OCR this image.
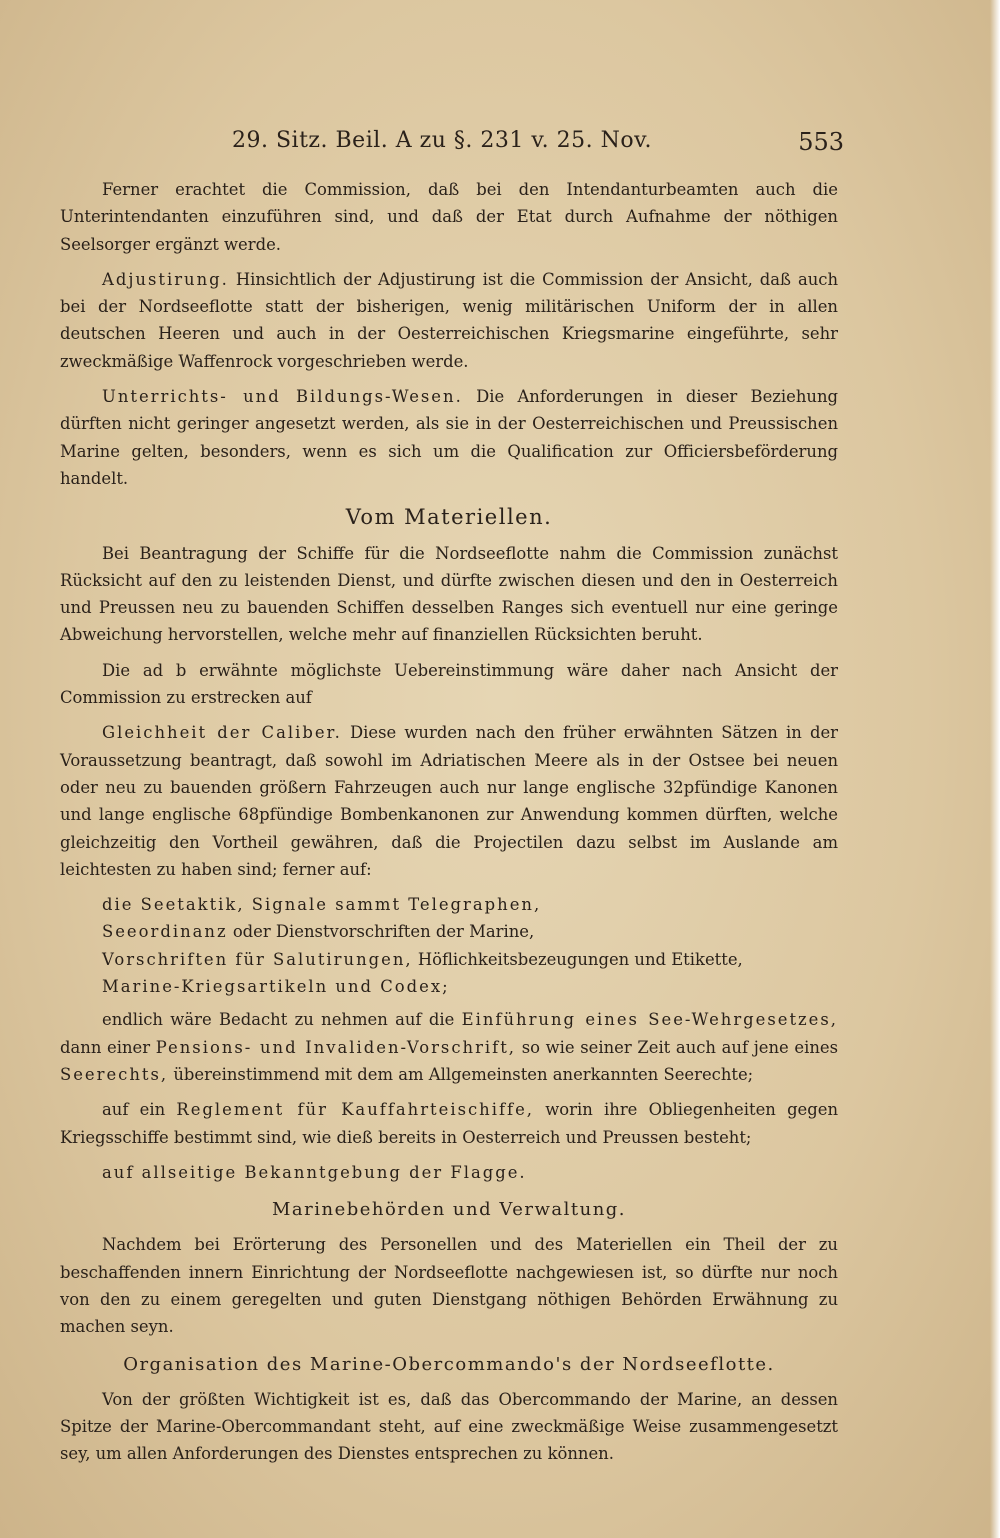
29. Sitz. Beil. A zu §. 231 v. 25. Nov.	553

Ferner erachtet die Commission, daß bei den Intendanturbeamten auch die Unterintendanten einzuführen sind, und daß der Etat durch Aufnahme der nöthigen Seelsorger ergänzt werde.

Adjustirung. Hinsichtlich der Adjustirung ist die Commission der Ansicht, daß auch bei der Nordseeflotte statt der bisherigen, wenig militärischen Uniform der in allen deutschen Heeren und auch in der Oesterreichischen Kriegsmarine eingeführte, sehr zweckmäßige Waffenrock vorgeschrieben werde.

Unterrichts- und Bildungs-Wesen. Die Anforderungen in dieser Beziehung dürften nicht geringer angesetzt werden, als sie in der Oesterreichischen und Preussischen Marine gelten, besonders, wenn es sich um die Qualification zur Officiersbeförderung handelt.

Vom Materiellen.

Bei Beantragung der Schiffe für die Nordseeflotte nahm die Commission zunächst Rücksicht auf den zu leistenden Dienst, und dürfte zwischen diesen und den in Oesterreich und Preussen neu zu bauenden Schiffen desselben Ranges sich eventuell nur eine geringe Abweichung hervorstellen, welche mehr auf finanziellen Rücksichten beruht.

Die ad b erwähnte möglichste Uebereinstimmung wäre daher nach Ansicht der Commission zu erstrecken auf

Gleichheit der Caliber. Diese wurden nach den früher erwähnten Sätzen in der Voraussetzung beantragt, daß sowohl im Adriatischen Meere als in der Ostsee bei neuen oder neu zu bauenden größern Fahrzeugen auch nur lange englische 32pfündige Kanonen und lange englische 68pfündige Bombenkanonen zur Anwendung kommen dürften, welche gleichzeitig den Vortheil gewähren, daß die Projectilen dazu selbst im Auslande am leichtesten zu haben sind; ferner auf:

die Seetaktik, Signale sammt Telegraphen,

Seeordinanz oder Dienstvorschriften der Marine,

Vorschriften für Salutirungen, Höflichkeitsbezeugungen und Etikette,

Marine-Kriegsartikeln und Codex;

endlich wäre Bedacht zu nehmen auf die Einführung eines See-Wehrgesetzes, dann einer Pensions- und Invaliden-Vorschrift, so wie seiner Zeit auch auf jene eines Seerechts, übereinstimmend mit dem am Allgemeinsten anerkannten Seerechte;

auf ein Reglement für Kauffahrteischiffe, worin ihre Obliegenheiten gegen Kriegsschiffe bestimmt sind, wie dieß bereits in Oesterreich und Preussen besteht;

auf allseitige Bekanntgebung der Flagge.

Marinebehörden und Verwaltung.

Nachdem bei Erörterung des Personellen und des Materiellen ein Theil der zu beschaffenden innern Einrichtung der Nordseeflotte nachgewiesen ist, so dürfte nur noch von den zu einem geregelten und guten Dienstgang nöthigen Behörden Erwähnung zu machen seyn.

Organisation des Marine-Obercommando's der Nordseeflotte.

Von der größten Wichtigkeit ist es, daß das Obercommando der Marine, an dessen Spitze der Marine-Obercommandant steht, auf eine zweckmäßige Weise zusammengesetzt sey, um allen Anforderungen des Dienstes entsprechen zu können.
